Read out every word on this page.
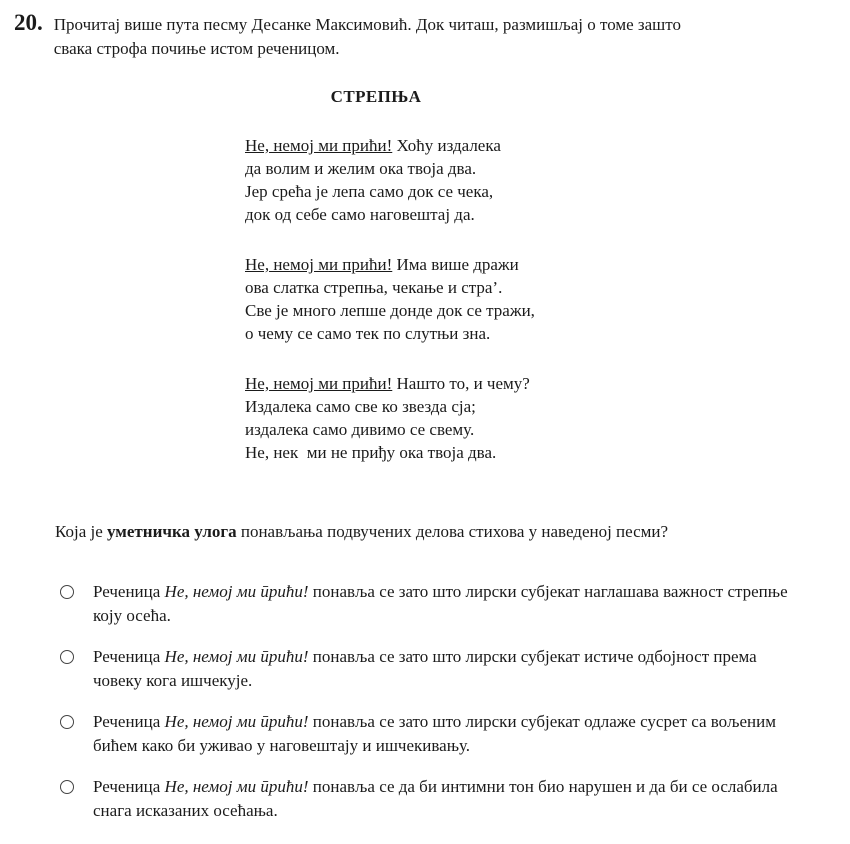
20. Прочитај више пута песму Десанке Максимовић. Док читаш, размишљај о томе зашто
свака строфа почиње истом реченицом.
СТРЕПЊА
Не, немој ми прићи! Хоћу издалека
да волим и желим ока твоја два.
Јер срећа је лепа само док се чека,
док од себе само наговештај да.
Не, немој ми прићи! Има више дражи
ова слатка стрепња, чекање и стра’.
Све је много лепше донде док се тражи,
о чему се само тек по слутњи зна.
Не, немој ми прићи! Нашто то, и чему?
Издалека само све ко звезда сја;
издалека само дивимо се свему.
Не, нек  ми не приђу ока твоја два.
Која је уметничка улога понављања подвучених делова стихова у наведеној песми?

Реченица Не, немој ми ūрићи! понавља се зато што лирски субјекат наглашава важност стрепње коју осећа.

Реченица Не, немој ми ūрићи! понавља се зато што лирски субјекат истиче одбојност према човеку кога ишчекује.

Реченица Не, немој ми ūрићи! понавља се зато што лирски субјекат одлаже сусрет са вољеним бићем како би уживао у наговештају и ишчекивању.

Реченица Не, немој ми ūрићи! понавља се да би интимни тон био нарушен и да би се ослабила снага исказаних осећања.
